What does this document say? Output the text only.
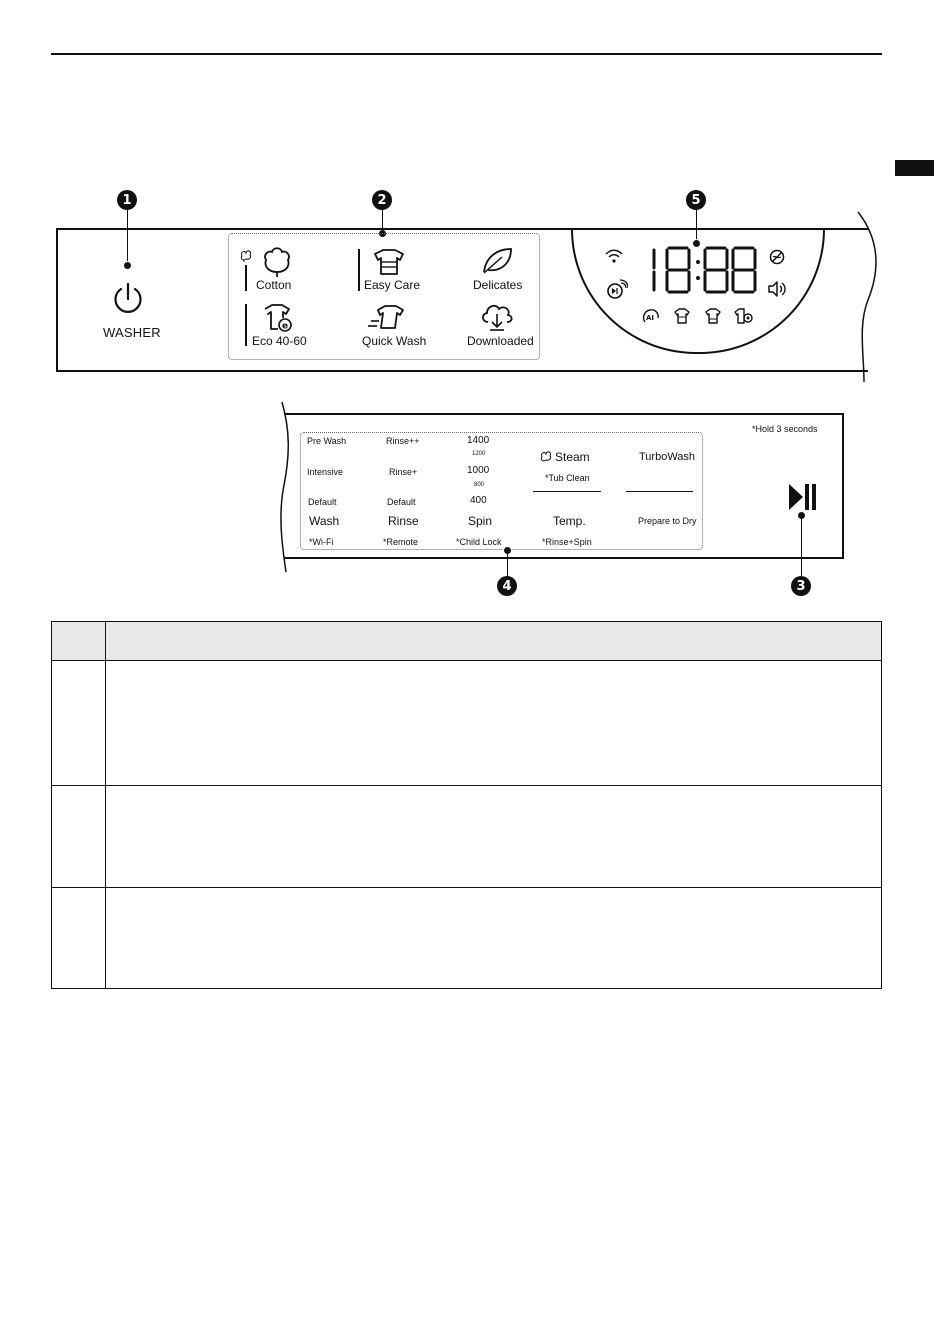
1	2	5
WASHER
Cotton	Easy Care	Delicates
e
Eco 40-60	Quick Wash	Downloaded
AI
Pre Wash
Intensive
Default
Wash
*Wi-Fi
Rinse++
Rinse+
Default
Rinse
*Remote
1400
1200
1000
800
400
Spin
*Child Lock
Steam
*Tub Clean
Temp.
*Rinse+Spin
TurboWash
Prepare to Dry
*Hold 3 seconds
4	3
